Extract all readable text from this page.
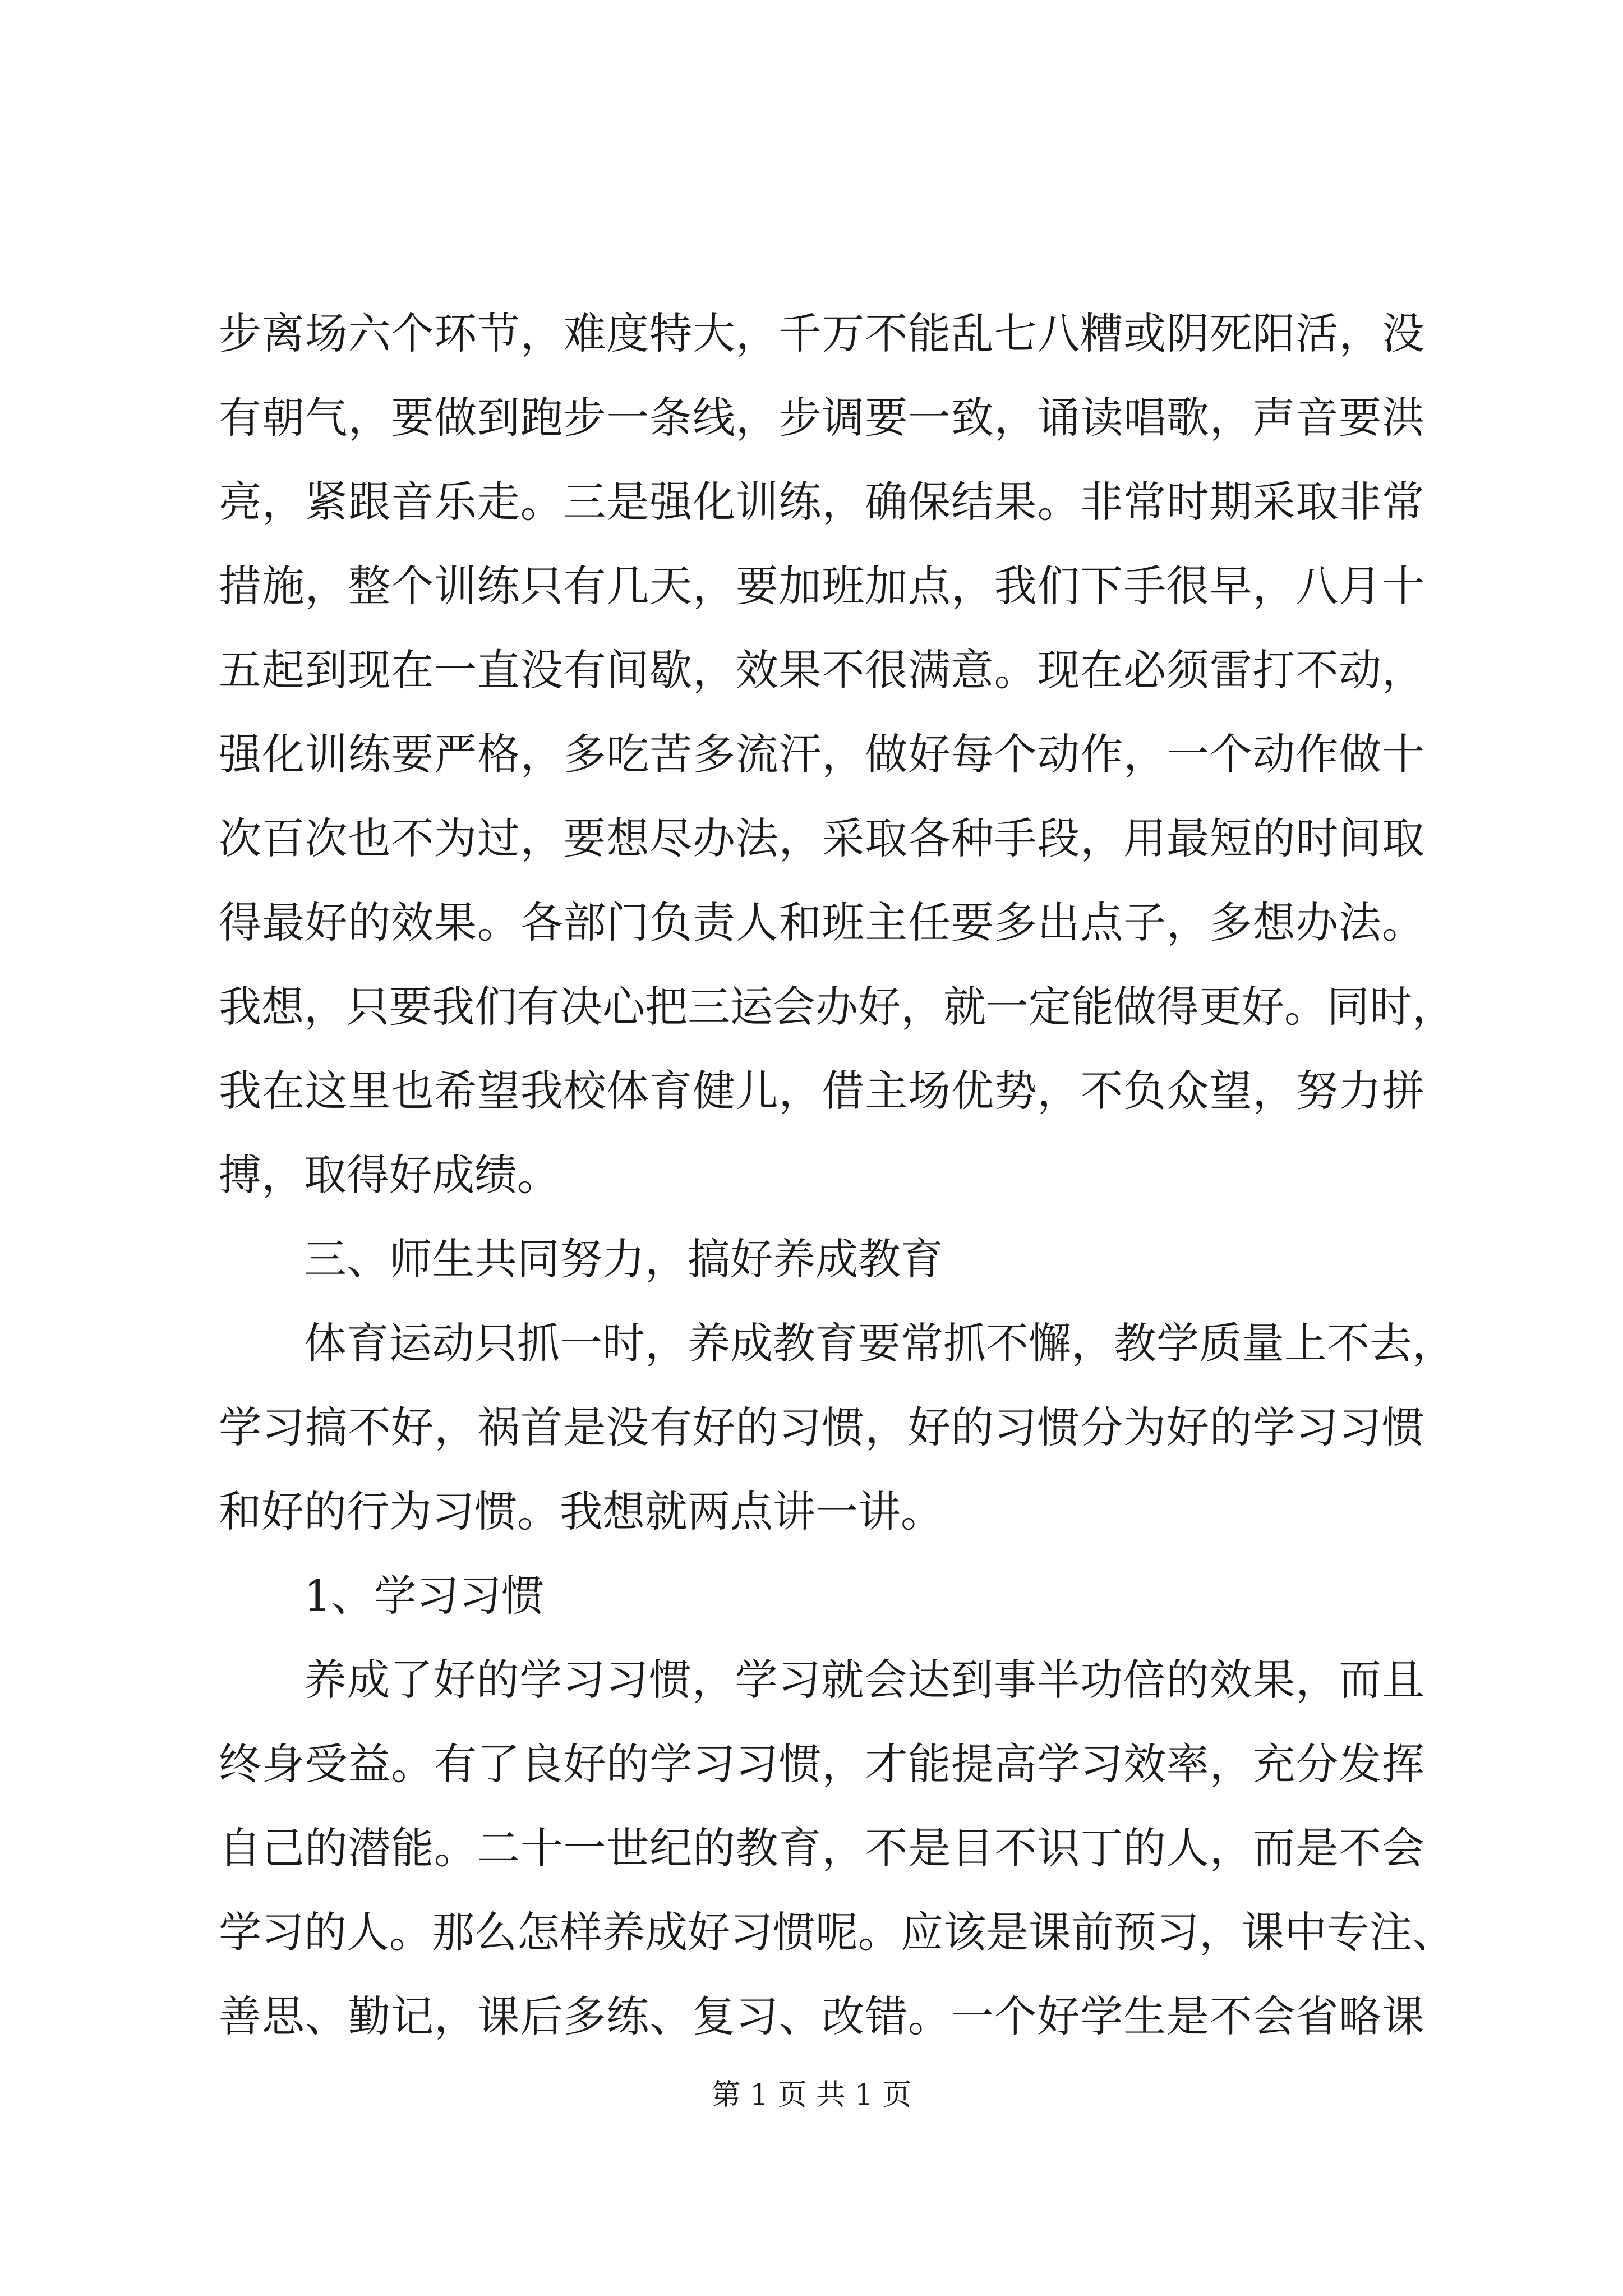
步离场六个环节，难度特大，千万不能乱七八糟或阴死阳活，没
有朝气，要做到跑步一条线，步调要一致，诵读唱歌，声音要洪
亮，紧跟音乐走。三是强化训练，确保结果。非常时期采取非常
措施，整个训练只有几天，要加班加点，我们下手很早，八月十
五起到现在一直没有间歇，效果不很满意。现在必须雷打不动，
强化训练要严格，多吃苦多流汗，做好每个动作，一个动作做十
次百次也不为过，要想尽办法，采取各种手段，用最短的时间取
得最好的效果。各部门负责人和班主任要多出点子，多想办法。
我想，只要我们有决心把三运会办好，就一定能做得更好。同时，
我在这里也希望我校体育健儿，借主场优势，不负众望，努力拼
搏，取得好成绩。
三、师生共同努力，搞好养成教育
体育运动只抓一时，养成教育要常抓不懈，教学质量上不去，
学习搞不好，祸首是没有好的习惯，好的习惯分为好的学习习惯
和好的行为习惯。我想就两点讲一讲。
1、学习习惯
养成了好的学习习惯，学习就会达到事半功倍的效果，而且
终身受益。有了良好的学习习惯，才能提高学习效率，充分发挥
自己的潜能。二十一世纪的教育，不是目不识丁的人，而是不会
学习的人。那么怎样养成好习惯呢。应该是课前预习，课中专注、
善思、勤记，课后多练、复习、改错。一个好学生是不会省略课
第 1 页 共 1 页
